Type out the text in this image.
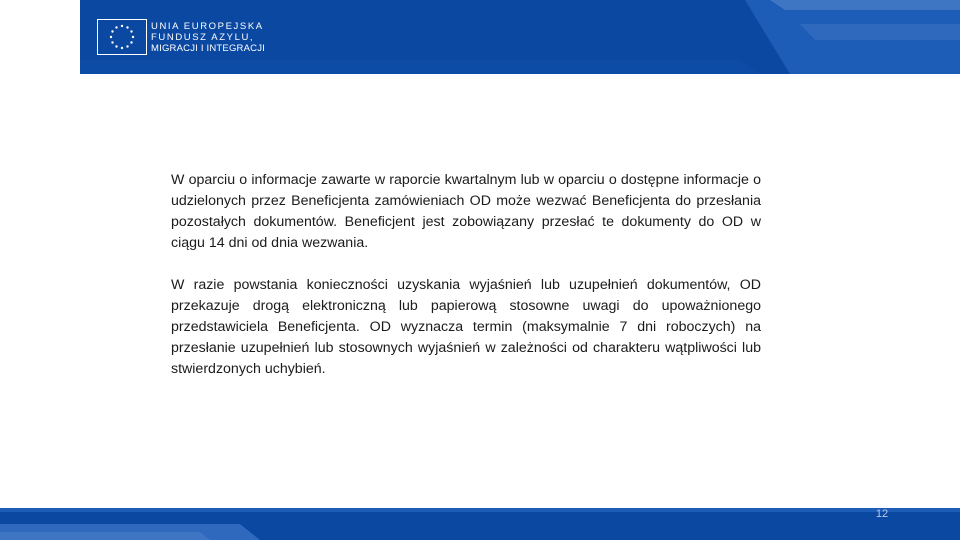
COPE wiedzieć
UNIA EUROPEJSKA
FUNDUSZ AZYLU,
MIGRACJI I INTEGRACJI

W oparciu o informacje zawarte w raporcie kwartalnym lub w oparciu o dostępne informacje o udzielonych przez Beneficjenta zamówieniach OD może wezwać Beneficjenta do przesłania pozostałych dokumentów. Beneficjent jest zobowiązany przesłać te dokumenty do OD w ciągu 14 dni od dnia wezwania.

W razie powstania konieczności uzyskania wyjaśnień lub uzupełnień dokumentów, OD przekazuje drogą elektroniczną lub papierową stosowne uwagi do upoważnionego przedstawiciela Beneficjenta. OD wyznacza termin (maksymalnie 7 dni roboczych) na przesłanie uzupełnień lub stosownych wyjaśnień w zależności od charakteru wątpliwości lub stwierdzonych uchybień.

12
